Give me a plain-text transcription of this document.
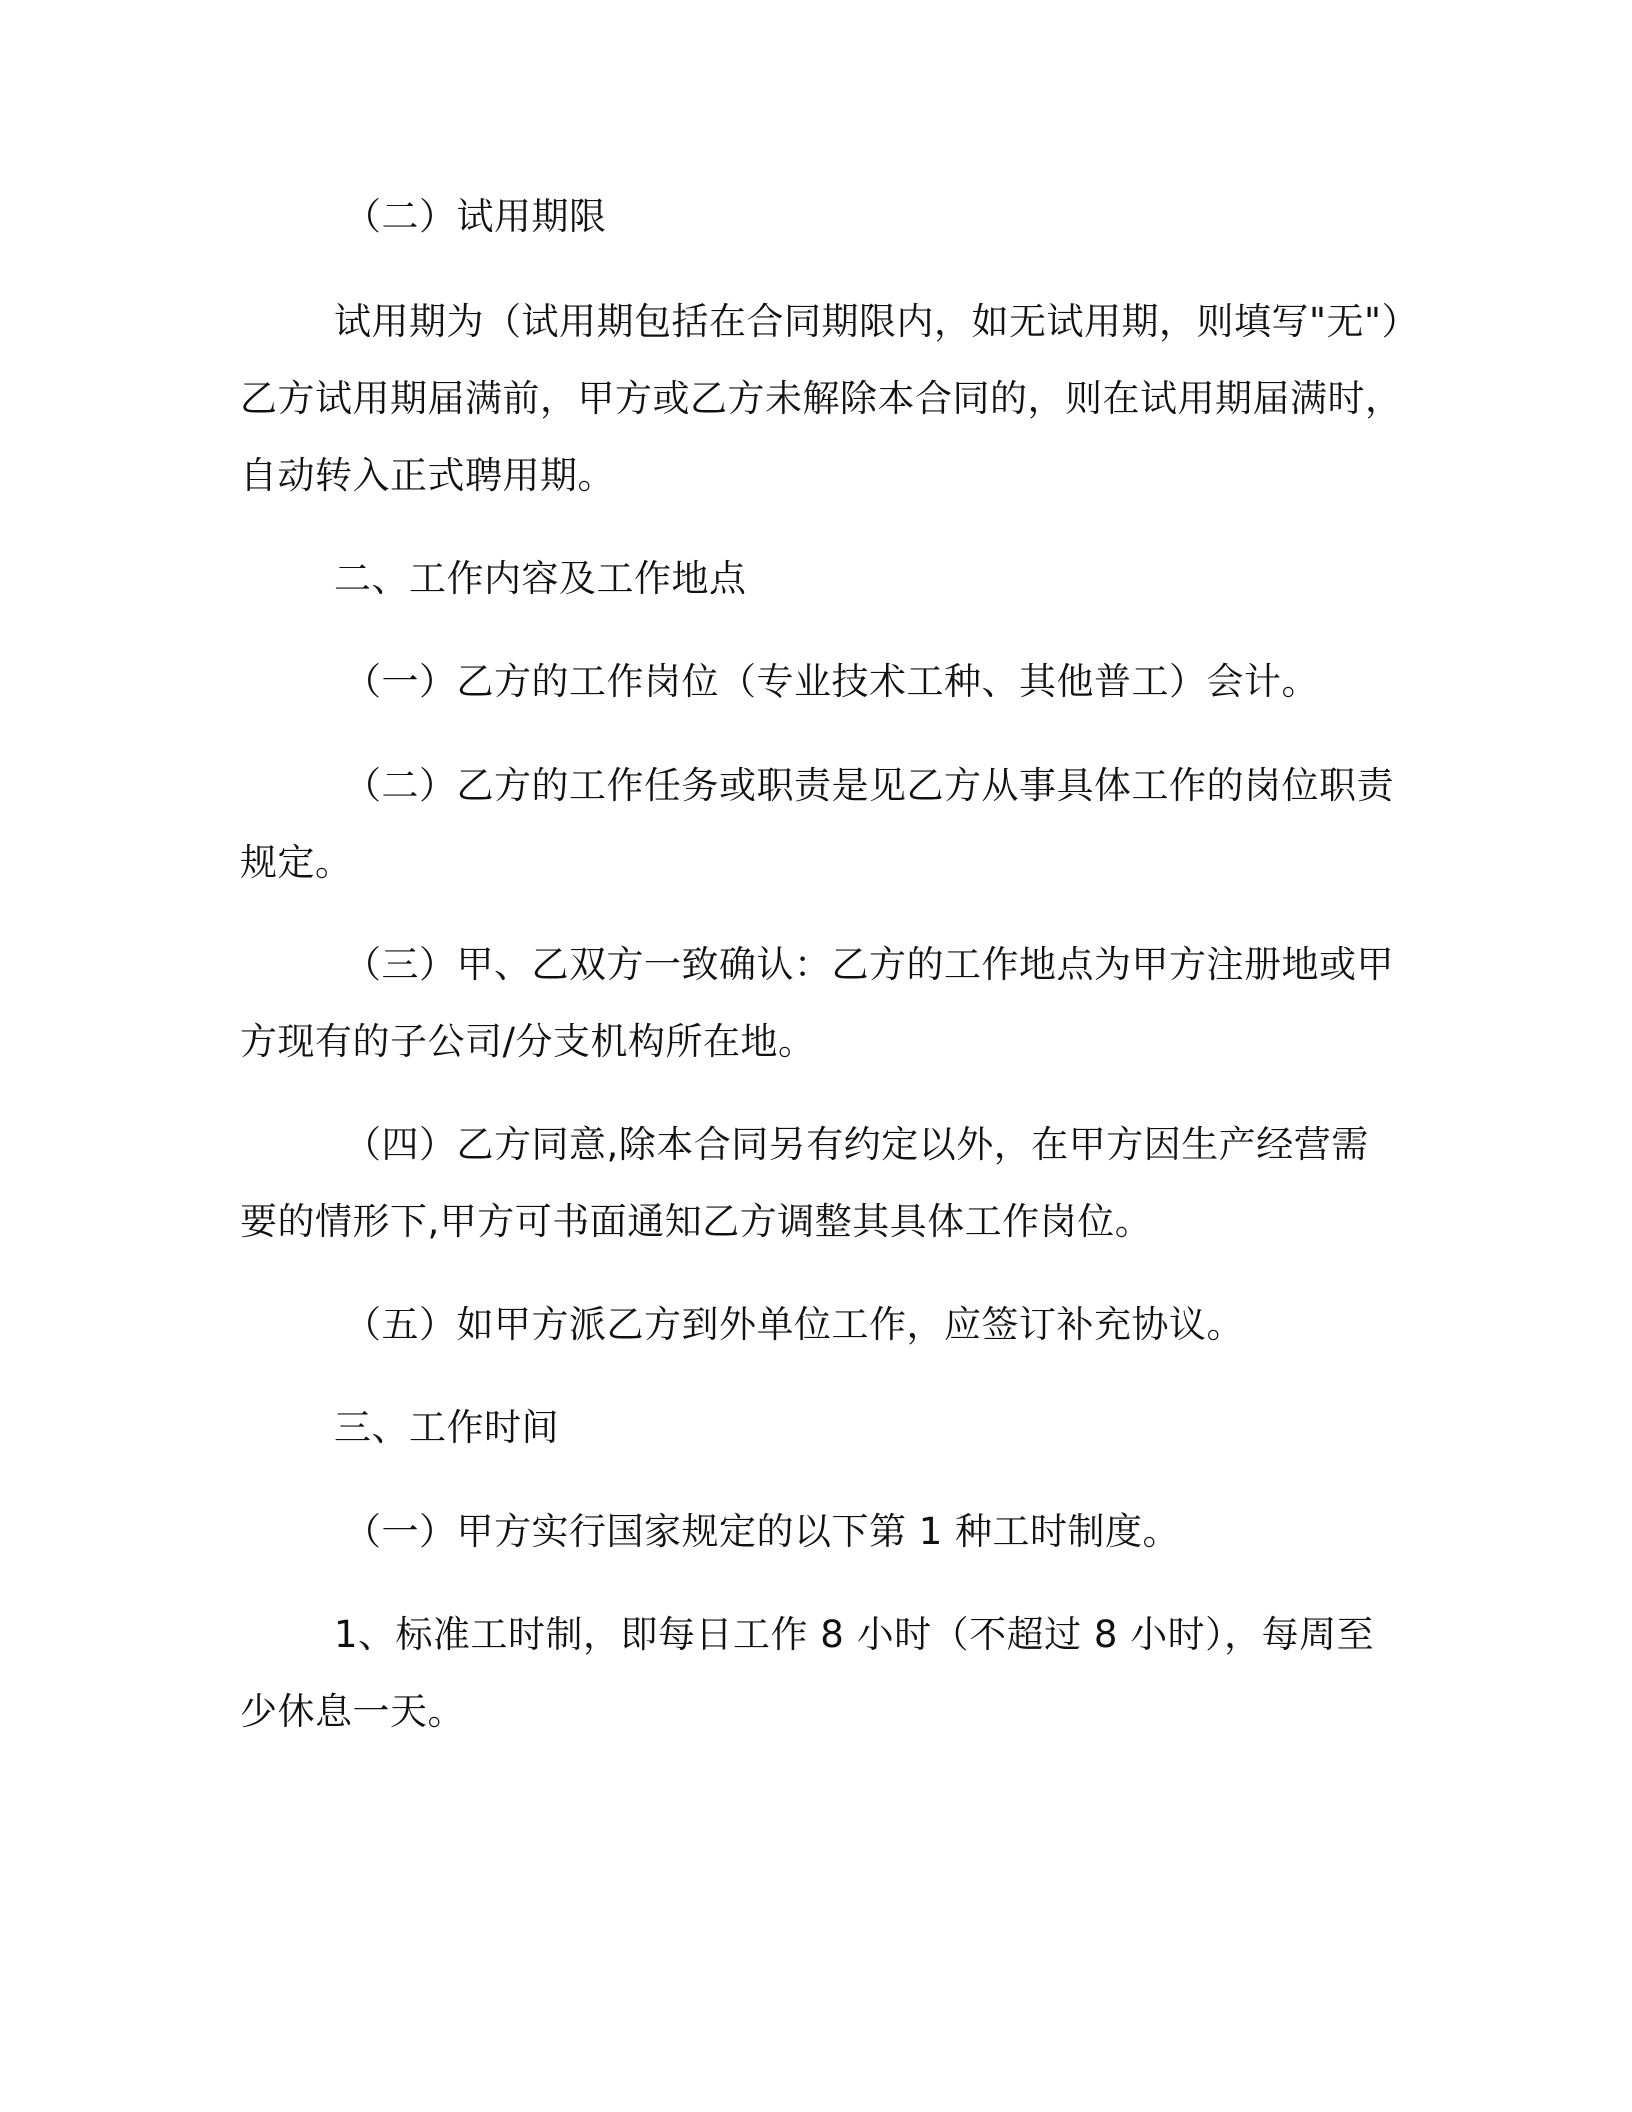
（二）试用期限
试用期为（试用期包括在合同期限内，如无试用期，则填写"无"）
乙方试用期届满前，甲方或乙方未解除本合同的，则在试用期届满时，
自动转入正式聘用期。
二、工作内容及工作地点
（一）乙方的工作岗位（专业技术工种、其他普工）会计。
（二）乙方的工作任务或职责是见乙方从事具体工作的岗位职责
规定。
（三）甲、乙双方一致确认：乙方的工作地点为甲方注册地或甲
方现有的子公司/分支机构所在地。
（四）乙方同意,除本合同另有约定以外，在甲方因生产经营需
要的情形下,甲方可书面通知乙方调整其具体工作岗位。
（五）如甲方派乙方到外单位工作，应签订补充协议。
三、工作时间
（一）甲方实行国家规定的以下第 1 种工时制度。
1、标准工时制，即每日工作 8 小时（不超过 8 小时），每周至
少休息一天。
